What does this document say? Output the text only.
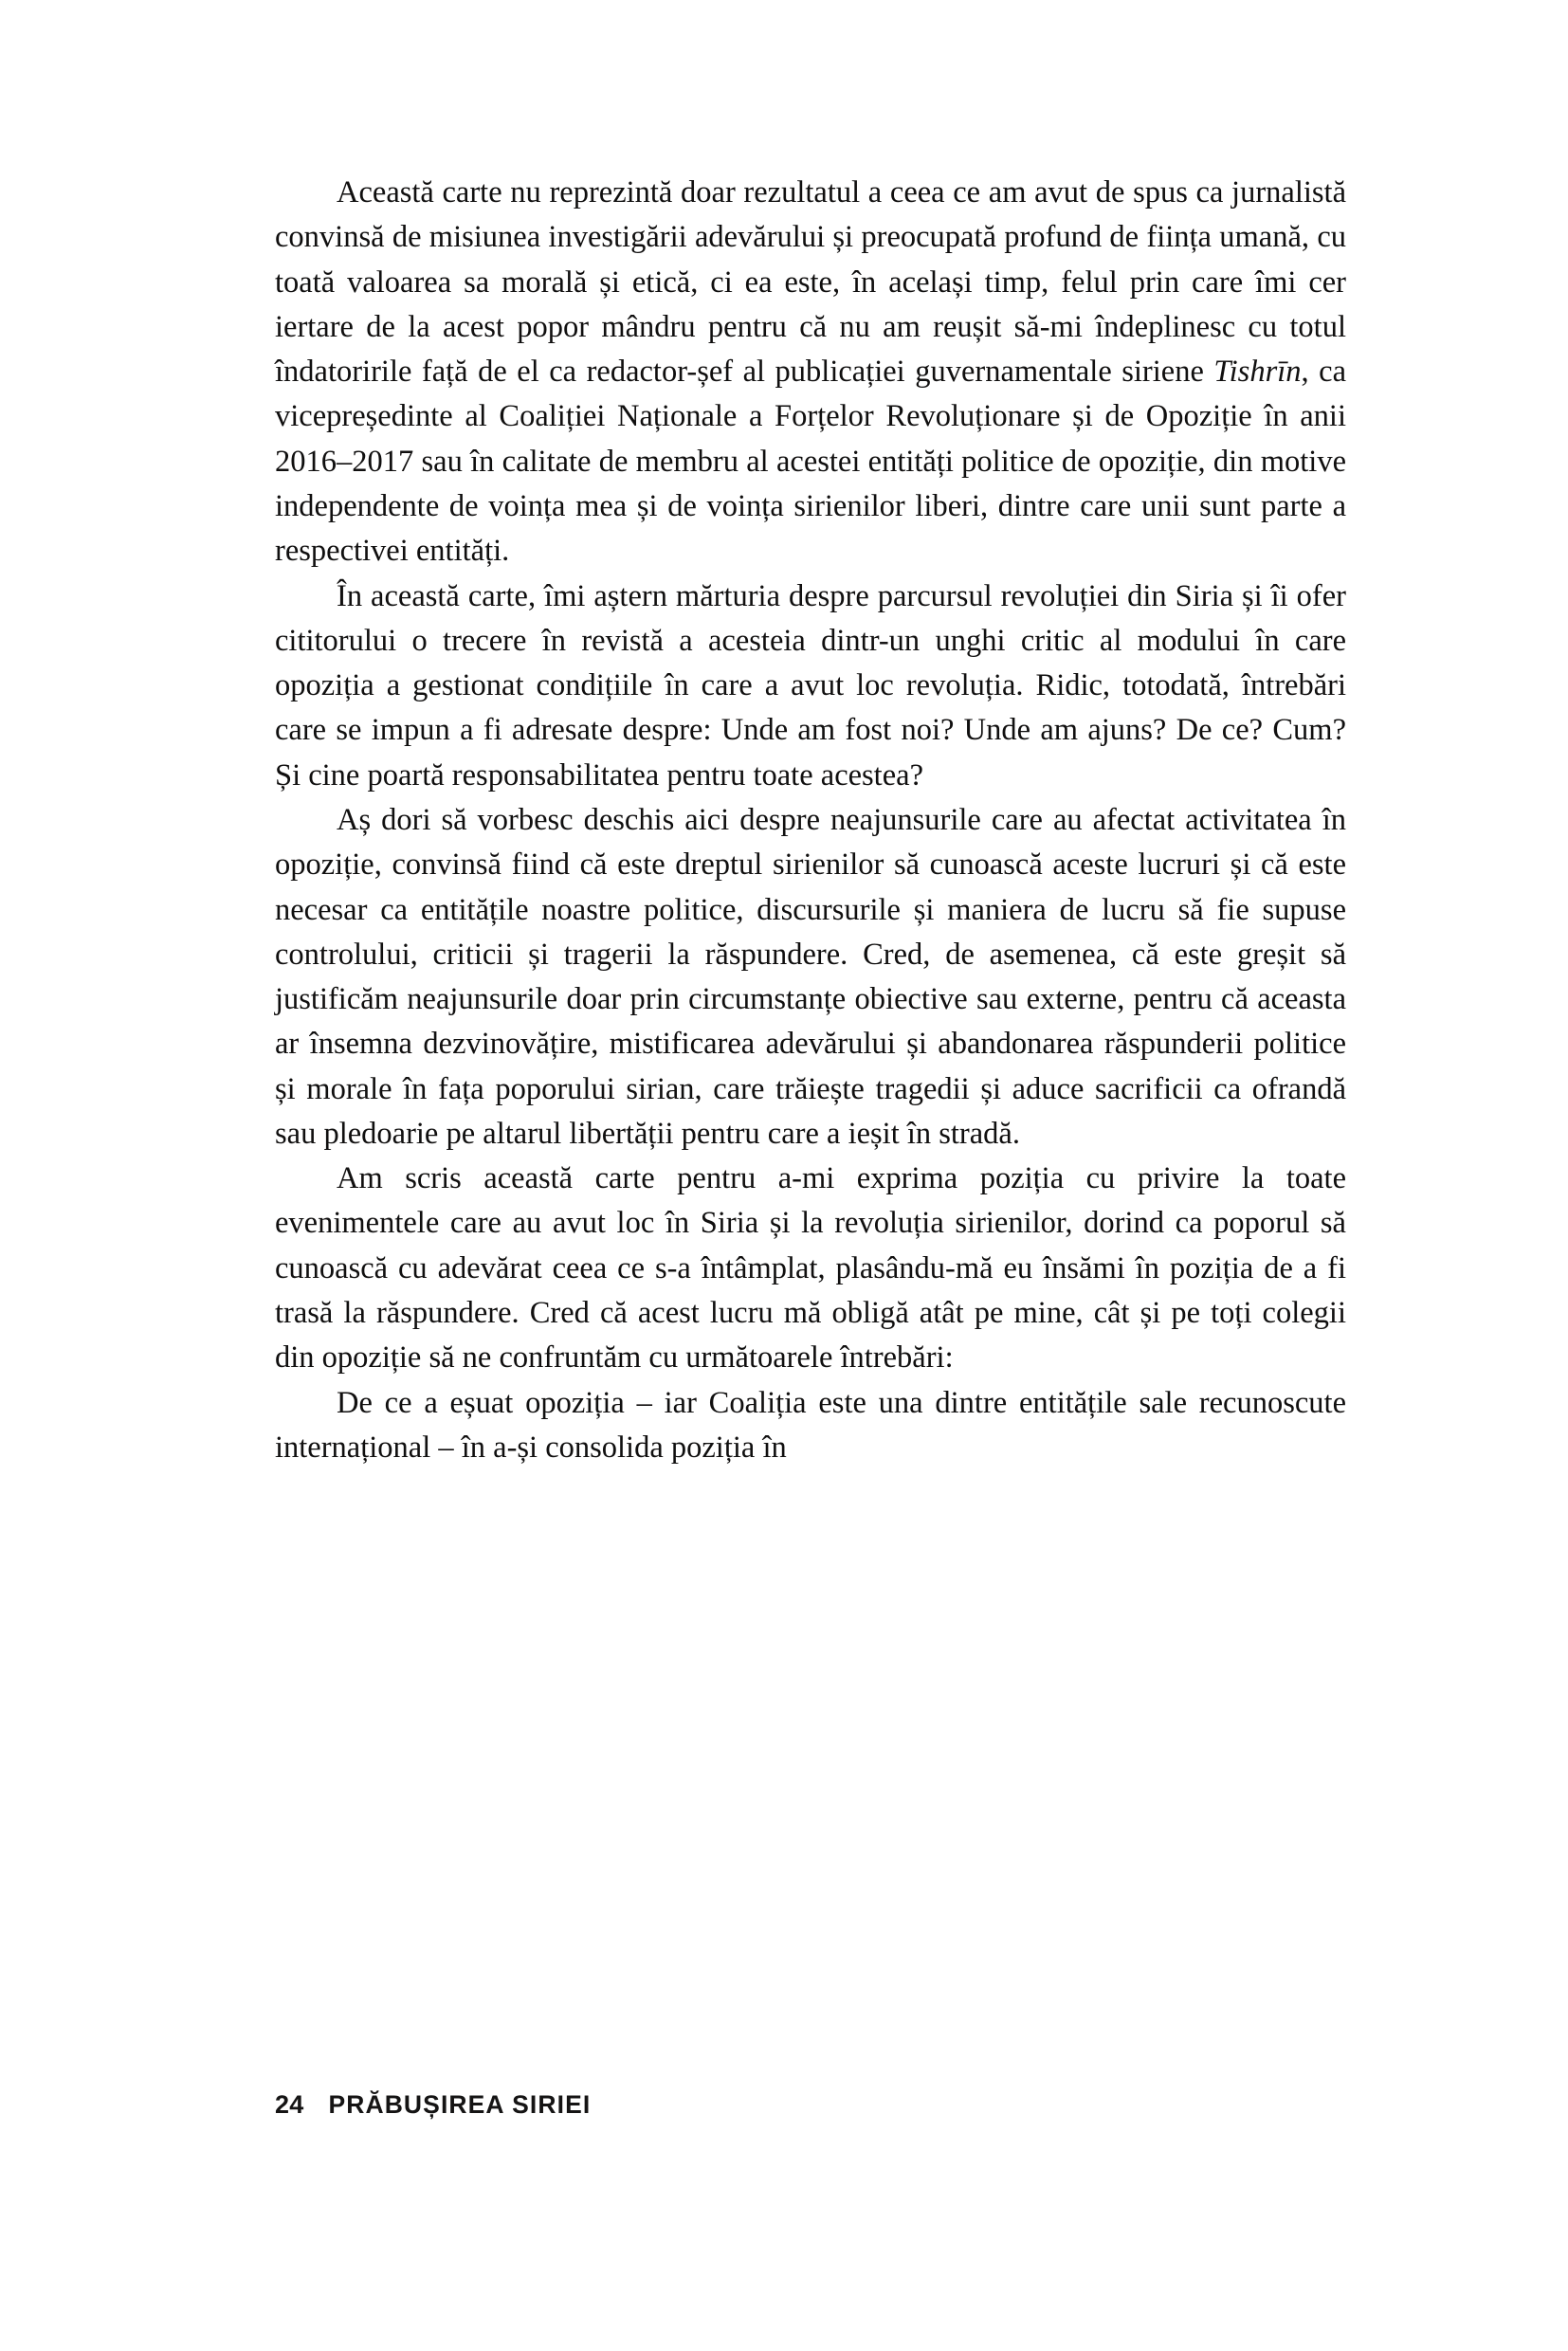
Această carte nu reprezintă doar rezultatul a ceea ce am avut de spus ca jurnalistă convinsă de misiunea investigării adevărului și preocupată profund de ființa umană, cu toată valoarea sa morală și etică, ci ea este, în același timp, felul prin care îmi cer iertare de la acest popor mândru pentru că nu am reușit să-mi îndeplinesc cu totul îndatoririle față de el ca redactor-șef al publicației guvernamentale siriene Tishrīn, ca vicepreședinte al Coaliției Naționale a Forțelor Revoluționare și de Opoziție în anii 2016–2017 sau în calitate de membru al acestei entități politice de opoziție, din motive independente de voința mea și de voința sirienilor liberi, dintre care unii sunt parte a respectivei entități.

În această carte, îmi aștern mărturia despre parcursul revoluției din Siria și îi ofer cititorului o trecere în revistă a acesteia dintr-un unghi critic al modului în care opoziția a gestionat condițiile în care a avut loc revoluția. Ridic, totodată, întrebări care se impun a fi adresate despre: Unde am fost noi? Unde am ajuns? De ce? Cum? Și cine poartă responsabilitatea pentru toate acestea?

Aș dori să vorbesc deschis aici despre neajunsurile care au afectat activitatea în opoziție, convinsă fiind că este dreptul sirienilor să cunoască aceste lucruri și că este necesar ca entitățile noastre politice, discursurile și maniera de lucru să fie supuse controlului, criticii și tragerii la răspundere. Cred, de asemenea, că este greșit să justificăm neajunsurile doar prin circumstanțe obiective sau externe, pentru că aceasta ar însemna dezvinovățire, mistificarea adevărului și abandonarea răspunderii politice și morale în fața poporului sirian, care trăiește tragedii și aduce sacrificii ca ofrandă sau pledoarie pe altarul libertății pentru care a ieșit în stradă.

Am scris această carte pentru a-mi exprima poziția cu privire la toate evenimentele care au avut loc în Siria și la revoluția sirienilor, dorind ca poporul să cunoască cu adevărat ceea ce s-a întâmplat, plasându-mă eu însămi în poziția de a fi trasă la răspundere. Cred că acest lucru mă obligă atât pe mine, cât și pe toți colegii din opoziție să ne confruntăm cu următoarele întrebări:

De ce a eșuat opoziția – iar Coaliția este una dintre entitățile sale recunoscute internațional – în a-și consolida poziția în

24 PRĂBUȘIREA SIRIEI
